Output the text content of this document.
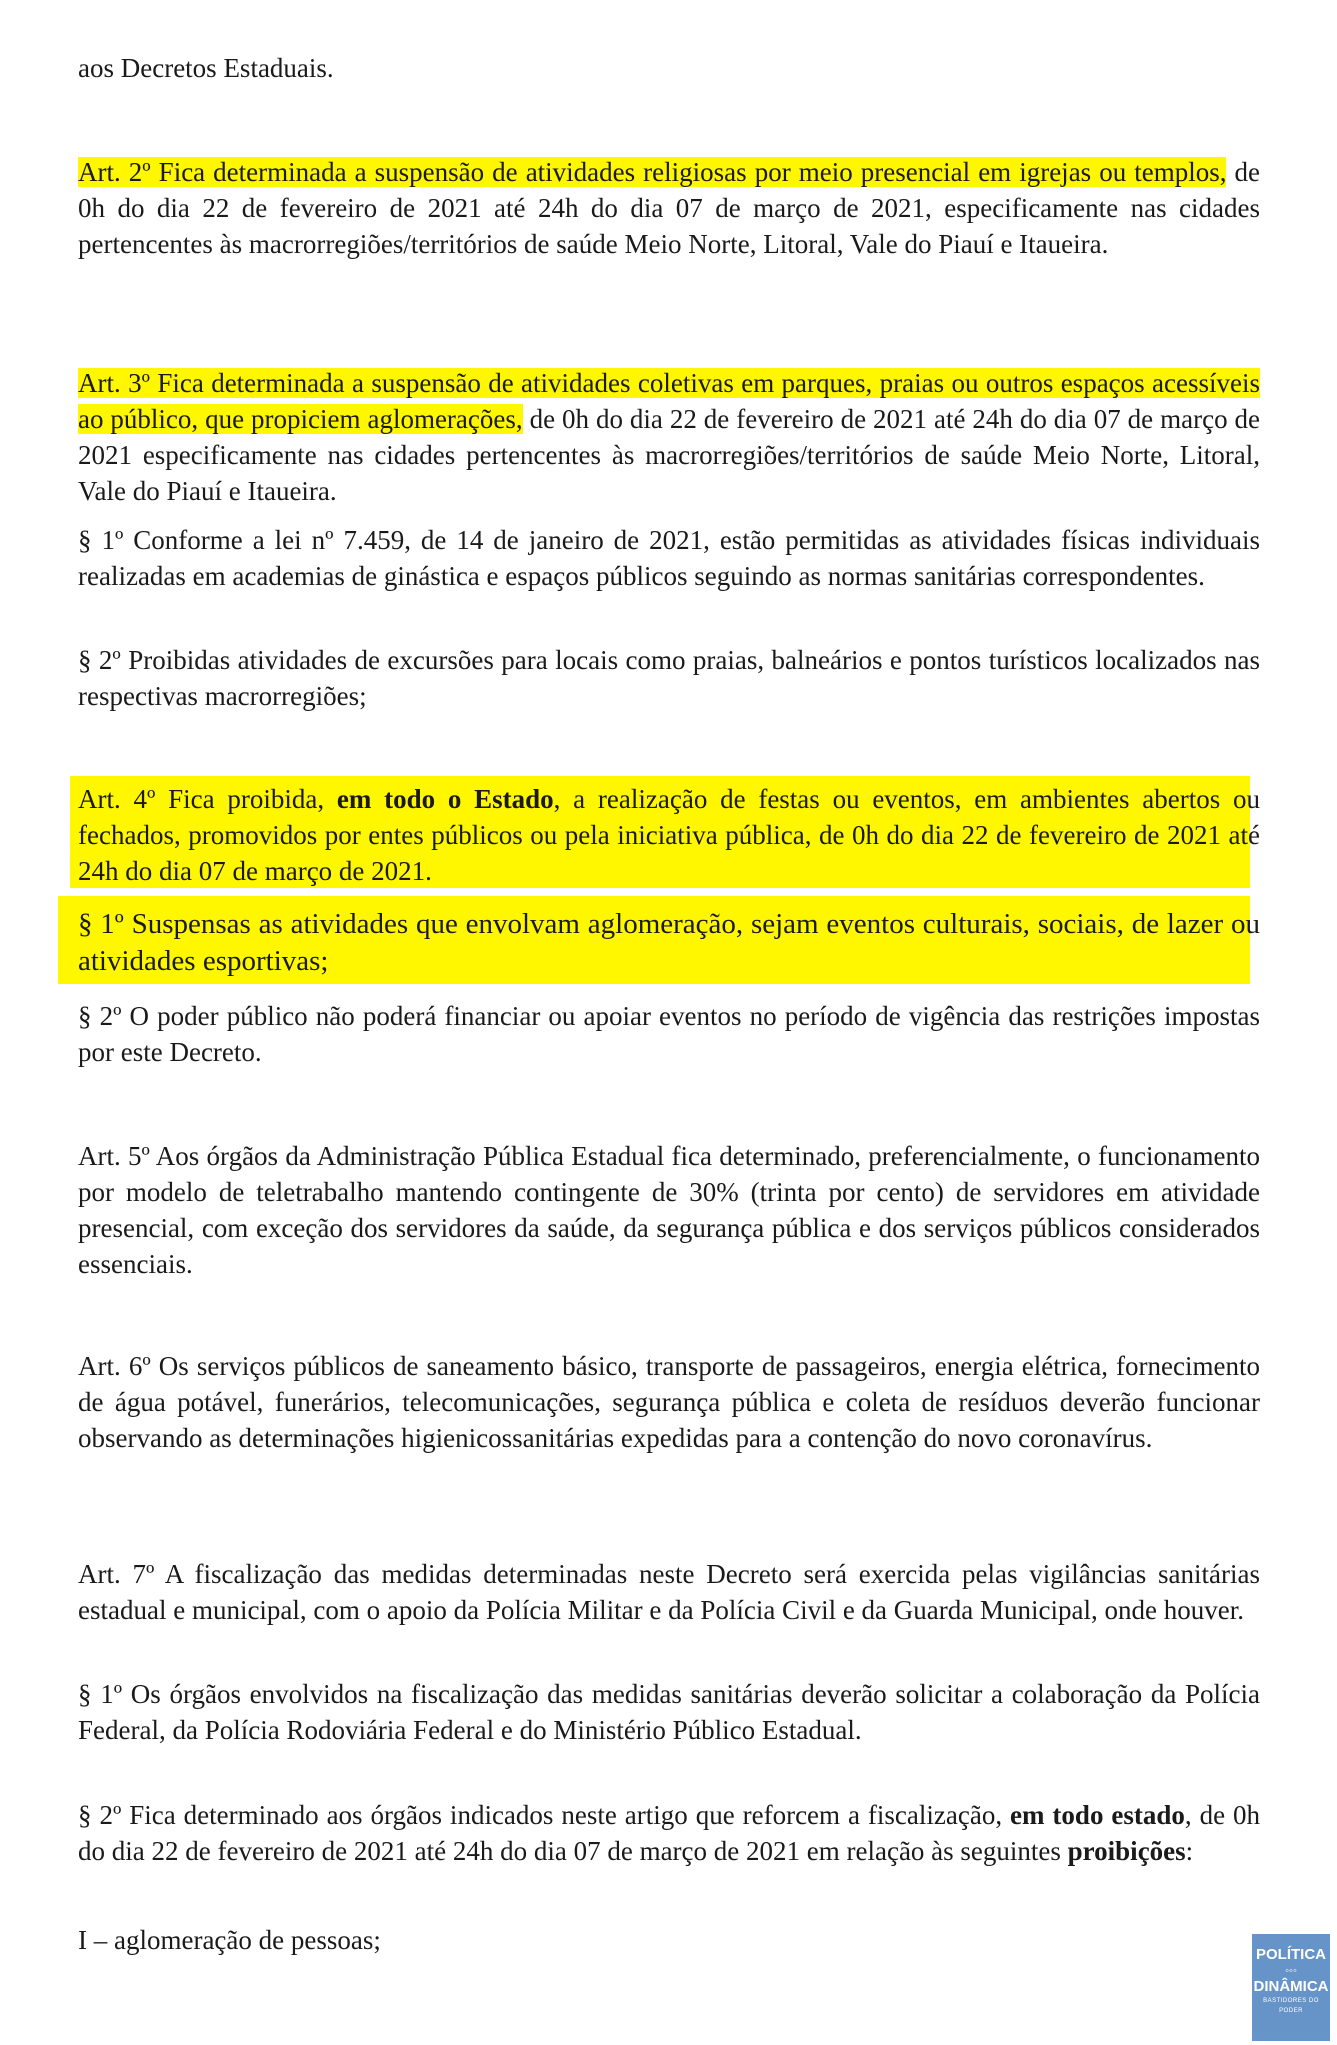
aos Decretos Estaduais.

Art. 2º Fica determinada a suspensão de atividades religiosas por meio presencial em igrejas ou templos, de 0h do dia 22 de fevereiro de 2021 até 24h do dia 07 de março de 2021, especificamente nas cidades pertencentes às macrorregiões/territórios de saúde Meio Norte, Litoral, Vale do Piauí e Itaueira.

Art. 3º Fica determinada a suspensão de atividades coletivas em parques, praias ou outros espaços acessíveis ao público, que propiciem aglomerações, de 0h do dia 22 de fevereiro de 2021 até 24h do dia 07 de março de 2021 especificamente nas cidades pertencentes às macrorregiões/territórios de saúde Meio Norte, Litoral, Vale do Piauí e Itaueira.

§ 1º Conforme a lei nº 7.459, de 14 de janeiro de 2021, estão permitidas as atividades físicas individuais realizadas em academias de ginástica e espaços públicos seguindo as normas sanitárias correspondentes.

§ 2º Proibidas atividades de excursões para locais como praias, balneários e pontos turísticos localizados nas respectivas macrorregiões;

Art. 4º Fica proibida, em todo o Estado, a realização de festas ou eventos, em ambientes abertos ou fechados, promovidos por entes públicos ou pela iniciativa pública, de 0h do dia 22 de fevereiro de 2021 até 24h do dia 07 de março de 2021.

§ 1º Suspensas as atividades que envolvam aglomeração, sejam eventos culturais, sociais, de lazer ou atividades esportivas;

§ 2º O poder público não poderá financiar ou apoiar eventos no período de vigência das restrições impostas por este Decreto.

Art. 5º Aos órgãos da Administração Pública Estadual fica determinado, preferencialmente, o funcionamento por modelo de teletrabalho mantendo contingente de 30% (trinta por cento) de servidores em atividade presencial, com exceção dos servidores da saúde, da segurança pública e dos serviços públicos considerados essenciais.

Art. 6º Os serviços públicos de saneamento básico, transporte de passageiros, energia elétrica, fornecimento de água potável, funerários, telecomunicações, segurança pública e coleta de resíduos deverão funcionar observando as determinações higienicossanitárias expedidas para a contenção do novo coronavírus.

Art. 7º A fiscalização das medidas determinadas neste Decreto será exercida pelas vigilâncias sanitárias estadual e municipal, com o apoio da Polícia Militar e da Polícia Civil e da Guarda Municipal, onde houver.

§ 1º Os órgãos envolvidos na fiscalização das medidas sanitárias deverão solicitar a colaboração da Polícia Federal, da Polícia Rodoviária Federal e do Ministério Público Estadual.

§ 2º Fica determinado aos órgãos indicados neste artigo que reforcem a fiscalização, em todo estado, de 0h do dia 22 de fevereiro de 2021 até 24h do dia 07 de março de 2021 em relação às seguintes proibições:

I – aglomeração de pessoas;	POLÍTICA
◦◦◦
DINÂMICA
BASTIDORES DO PODER
